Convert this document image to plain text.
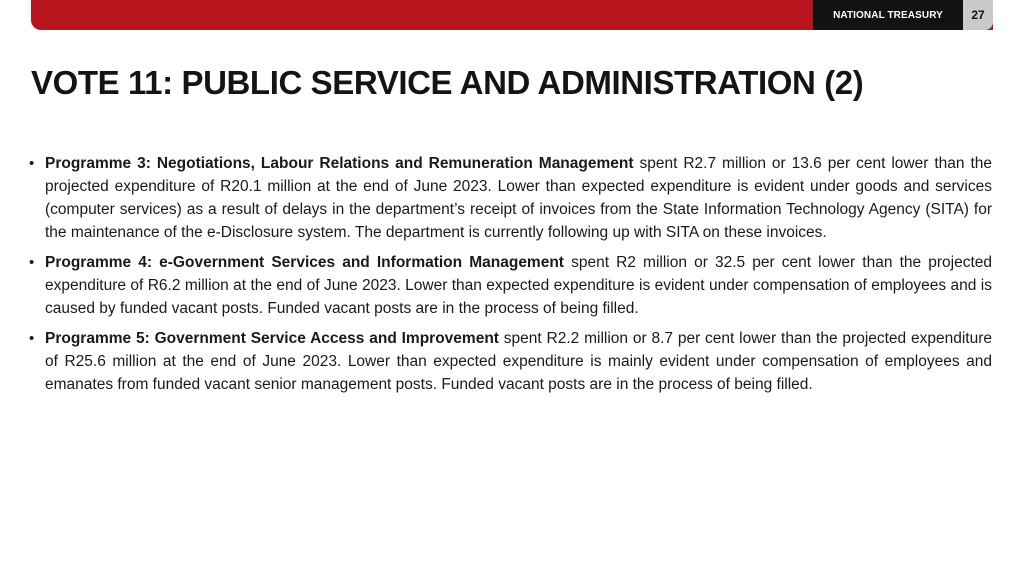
NATIONAL TREASURY	27
VOTE 11: PUBLIC SERVICE AND ADMINISTRATION (2)
• Programme 3: Negotiations, Labour Relations and Remuneration Management spent R2.7 million or 13.6 per cent lower than the projected expenditure of R20.1 million at the end of June 2023. Lower than expected expenditure is evident under goods and services (computer services) as a result of delays in the department’s receipt of invoices from the State Information Technology Agency (SITA) for the maintenance of the e-Disclosure system. The department is currently following up with SITA on these invoices.
• Programme 4: e-Government Services and Information Management spent R2 million or 32.5 per cent lower than the projected expenditure of R6.2 million at the end of June 2023. Lower than expected expenditure is evident under compensation of employees and is caused by funded vacant posts. Funded vacant posts are in the process of being filled.
• Programme 5: Government Service Access and Improvement spent R2.2 million or 8.7 per cent lower than the projected expenditure of R25.6 million at the end of June 2023. Lower than expected expenditure is mainly evident under compensation of employees and emanates from funded vacant senior management posts. Funded vacant posts are in the process of being filled.
